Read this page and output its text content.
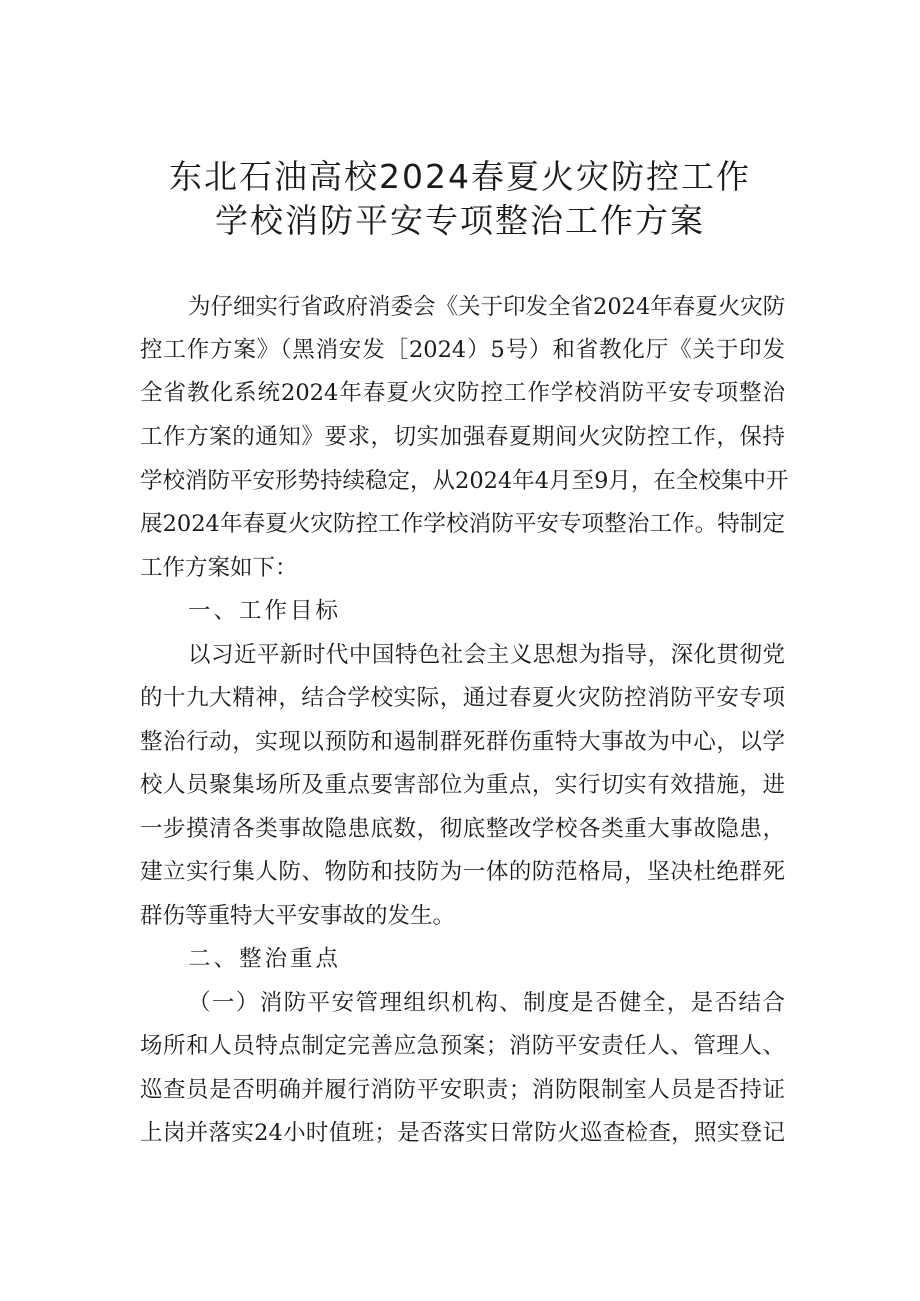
东北石油高校2024春夏火灾防控工作
学校消防平安专项整治工作方案
为仔细实行省政府消委会《关于印发全省2024年春夏火灾防
控工作方案》（黑消安发［2024）5号）和省教化厅《关于印发
全省教化系统2024年春夏火灾防控工作学校消防平安专项整治
工作方案的通知》要求，切实加强春夏期间火灾防控工作，保持
学校消防平安形势持续稳定，从2024年4月至9月，在全校集中开
展2024年春夏火灾防控工作学校消防平安专项整治工作。特制定
工作方案如下：
一、工作目标
以习近平新时代中国特色社会主义思想为指导，深化贯彻党
的十九大精神，结合学校实际，通过春夏火灾防控消防平安专项
整治行动，实现以预防和遏制群死群伤重特大事故为中心，以学
校人员聚集场所及重点要害部位为重点，实行切实有效措施，进
一步摸清各类事故隐患底数，彻底整改学校各类重大事故隐患，
建立实行集人防、物防和技防为一体的防范格局，坚决杜绝群死
群伤等重特大平安事故的发生。
二、整治重点
（一）消防平安管理组织机构、制度是否健全，是否结合
场所和人员特点制定完善应急预案；消防平安责任人、管理人、
巡查员是否明确并履行消防平安职责；消防限制室人员是否持证
上岗并落实24小时值班；是否落实日常防火巡查检查，照实登记
